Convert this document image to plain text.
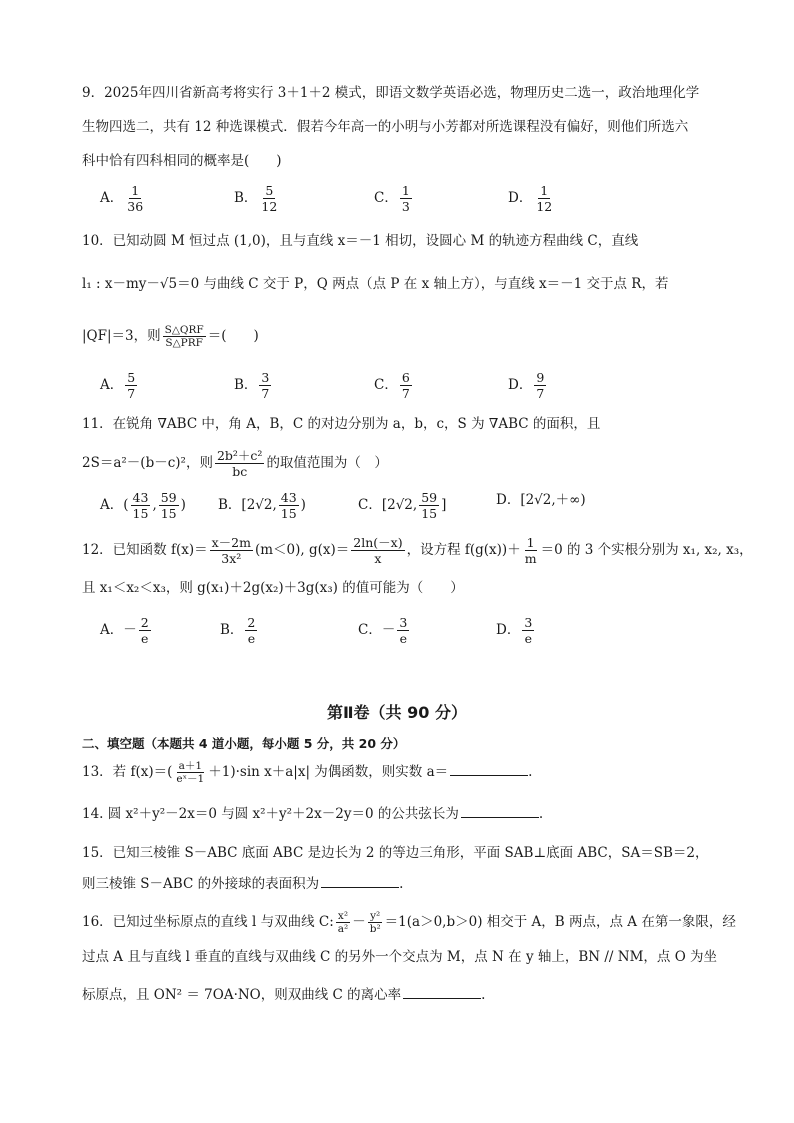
9．2025年四川省新高考将实行 3＋1＋2 模式，即语文数学英语必选，物理历史二选一，政治地理化学
生物四选二，共有 12 种选课模式．假若今年高一的小明与小芳都对所选课程没有偏好，则他们所选六
科中恰有四科相同的概率是(　　)
A． $\frac{1}{36}$	B． $\frac{5}{12}$	C． $\frac{1}{3}$	D． $\frac{1}{12}$
10．已知动圆 M 恒过点 (1,0)，且与直线 x＝－1 相切，设圆心 M 的轨迹方程曲线 C，直线
l₁ : x－my－√5＝0 与曲线 C 交于 P，Q 两点（点 P 在 x 轴上方），与直线 x＝－1 交于点 R，若
|QF|＝3，则 $\frac{\text{S△QRF}}{\text{S△PRF}}$ ＝(　　)
A． $\frac{5}{7}$	B． $\frac{3}{7}$	C． $\frac{6}{7}$	D． $\frac{9}{7}$
11．在锐角 ∇ABC 中，角 A，B，C 的对边分别为 a，b，c，S 为 ∇ABC 的面积，且
2S＝a²－(b－c)²，则 $\frac{\text{2b²＋c²}}{bc}$ 的取值范围为（　）
A．( $\frac{43}{15}$ , $\frac{59}{15}$ ) B．[2√2, $\frac{43}{15}$ )	C．[2√2, $\frac{59}{15}$ ]	D．[2√2,＋∞)
12．已知函数 $f(x)= \frac{x-2m}{\text{3x²}} (m<0)$, $g(x)= \frac{2\ln(-x)}{x}$ ，设方程 $f(g(x))+ \frac{1}{m} =0$ 的 3 个实根分别为 x₁, x₂, x₃，
且 x₁＜x₂＜x₃，则 g(x₁)＋2g(x₂)＋3g(x₃) 的值可能为（　　）
A．－ $\frac{2}{e}$	B． $\frac{2}{e}$	C．－ $\frac{3}{e}$	D． $\frac{3}{e}$
第Ⅱ卷（共 90 分）
二、填空题（本题共 4 道小题，每小题 5 分，共 20 分）
13．若 $f(x)=( \frac{a+1}{\text{eˣ－1}} +1)\cdot\sin$ x＋a|x| 为偶函数，则实数 a＝	.
14. 圆 x²＋y²－2x＝0 与圆 x²＋y²＋2x－2y＝0 的公共弦长为	.
15．已知三棱锥 S－ABC 底面 ABC 是边长为 2 的等边三角形，平面 SAB⊥底面 ABC，SA＝SB＝2，
则三棱锥 S－ABC 的外接球的表面积为	.
16．已知过坐标原点的直线 l 与双曲线 C: $\frac{\text{x²}}{\text{a²}} - \frac{\text{y²}}{\text{b²}} =1(a>0,b>0)$ 相交于 A，B 两点，点 A 在第一象限，经
过点 A 且与直线 l 垂直的直线与双曲线 C 的另外一个交点为 M，点 N 在 y 轴上，BN // NM，点 O 为坐
标原点，且 ON² ＝ 7OA·NO，则双曲线 C 的离心率	.
